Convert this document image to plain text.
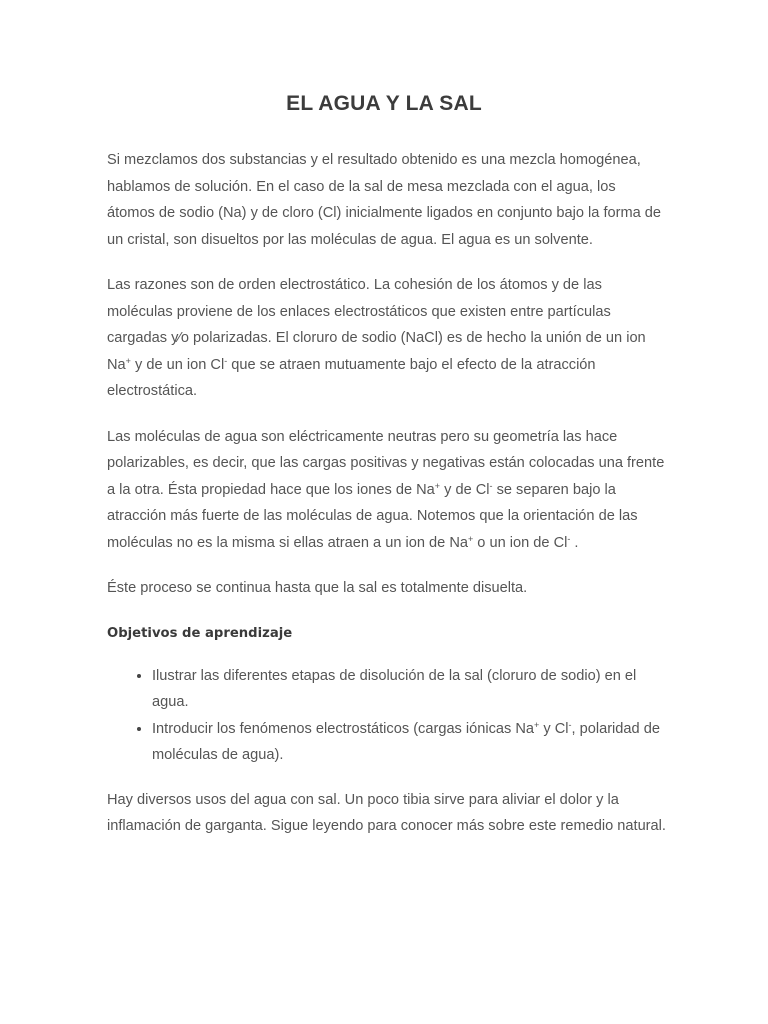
EL AGUA Y LA SAL

Si mezclamos dos substancias y el resultado obtenido es una mezcla homogénea, hablamos de solución. En el caso de la sal de mesa mezclada con el agua, los átomos de sodio (Na) y de cloro (Cl) inicialmente ligados en conjunto bajo la forma de un cristal, son disueltos por las moléculas de agua. El agua es un solvente.

Las razones son de orden electrostático. La cohesión de los átomos y de las moléculas proviene de los enlaces electrostáticos que existen entre partículas cargadas y⁄o polarizadas. El cloruro de sodio (NaCl) es de hecho la unión de un ion Na+ y de un ion Cl- que se atraen mutuamente bajo el efecto de la atracción electrostática.

Las moléculas de agua son eléctricamente neutras pero su geometría las hace polarizables, es decir, que las cargas positivas y negativas están colocadas una frente a la otra. Ésta propiedad hace que los iones de Na+ y de Cl- se separen bajo la atracción más fuerte de las moléculas de agua. Notemos que la orientación de las moléculas no es la misma si ellas atraen a un ion de Na+ o un ion de Cl- .

Éste proceso se continua hasta que la sal es totalmente disuelta.

Objetivos de aprendizaje
• Ilustrar las diferentes etapas de disolución de la sal (cloruro de sodio) en el agua.
• Introducir los fenómenos electrostáticos (cargas iónicas Na+ y Cl-, polaridad de moléculas de agua).

Hay diversos usos del agua con sal. Un poco tibia sirve para aliviar el dolor y la inflamación de garganta. Sigue leyendo para conocer más sobre este remedio natural.
